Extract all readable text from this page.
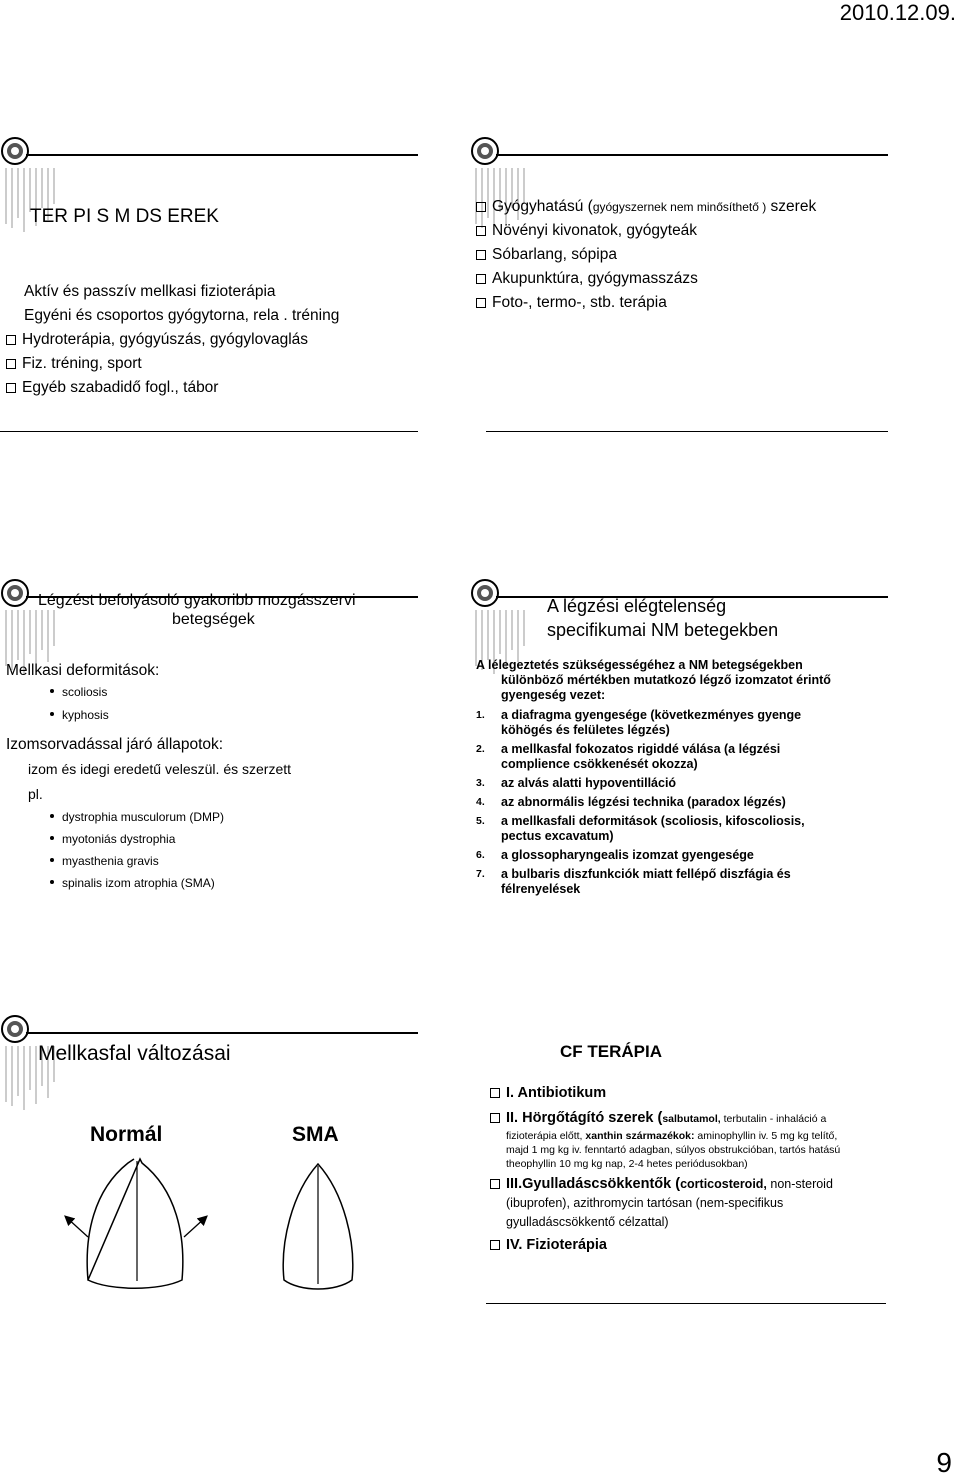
2010.12.09.
TER PI S M DS EREK
Aktív és passzív mellkasi fizioterápia
Egyéni és csoportos gyógytorna, rela . tréning
Hydroterápia, gyógyúszás, gyógylovaglás
Fiz. tréning, sport
Egyéb szabadidő fogl., tábor
Gyógyhatású (gyógyszernek nem minősíthető ) szerek
Növényi kivonatok, gyógyteák
Sóbarlang, sópipa
Akupunktúra, gyógymasszázs
Foto-, termo-, stb. terápia
Légzést befolyásoló gyakoribb mozgásszervi
betegségek
Mellkasi deformitások:
scoliosis
kyphosis
Izomsorvadással járó állapotok:
izom és idegi eredetű veleszül. és szerzett
pl.
dystrophia musculorum (DMP)
myotoniás dystrophia
myasthenia gravis
spinalis izom atrophia (SMA)
A légzési elégtelenség
specifikumai NM betegekben
A lélegeztetés szükségességéhez a NM betegségekben
különböző mértékben mutatkozó légző izomzatot érintő
gyengeség vezet:
1. a diafragma gyengesége (következményes gyenge
köhögés és felületes légzés)
2. a mellkasfal fokozatos rigiddé válása (a légzési
complience csökkenését okozza)
3. az alvás alatti hypoventilláció
4. az abnormális légzési technika (paradox légzés)
5. a mellkasfali deformitások (scoliosis, kifoscoliosis,
pectus excavatum)
6. a glossopharyngealis izomzat gyengesége
7. a bulbaris diszfunkciók miatt fellépő diszfágia és
félrenyelések
Mellkasfal változásai
Normál	SMA
CF TERÁPIA
I. Antibiotikum
II. Hörgőtágító szerek (salbutamol, terbutalin - inhaláció a
fizioterápia előtt, xanthin származékok: aminophyllin iv. 5 mg kg telítő,
majd 1 mg kg iv. fenntartó adagban, súlyos obstrukcióban, tartós hatású
theophyllin 10 mg kg nap, 2-4 hetes periódusokban)
III.Gyulladáscsökkentők (corticosteroid, non-steroid
(ibuprofen), azithromycin tartósan (nem-specifikus
gyulladáscsökkentő célzattal)
IV. Fizioterápia
9
